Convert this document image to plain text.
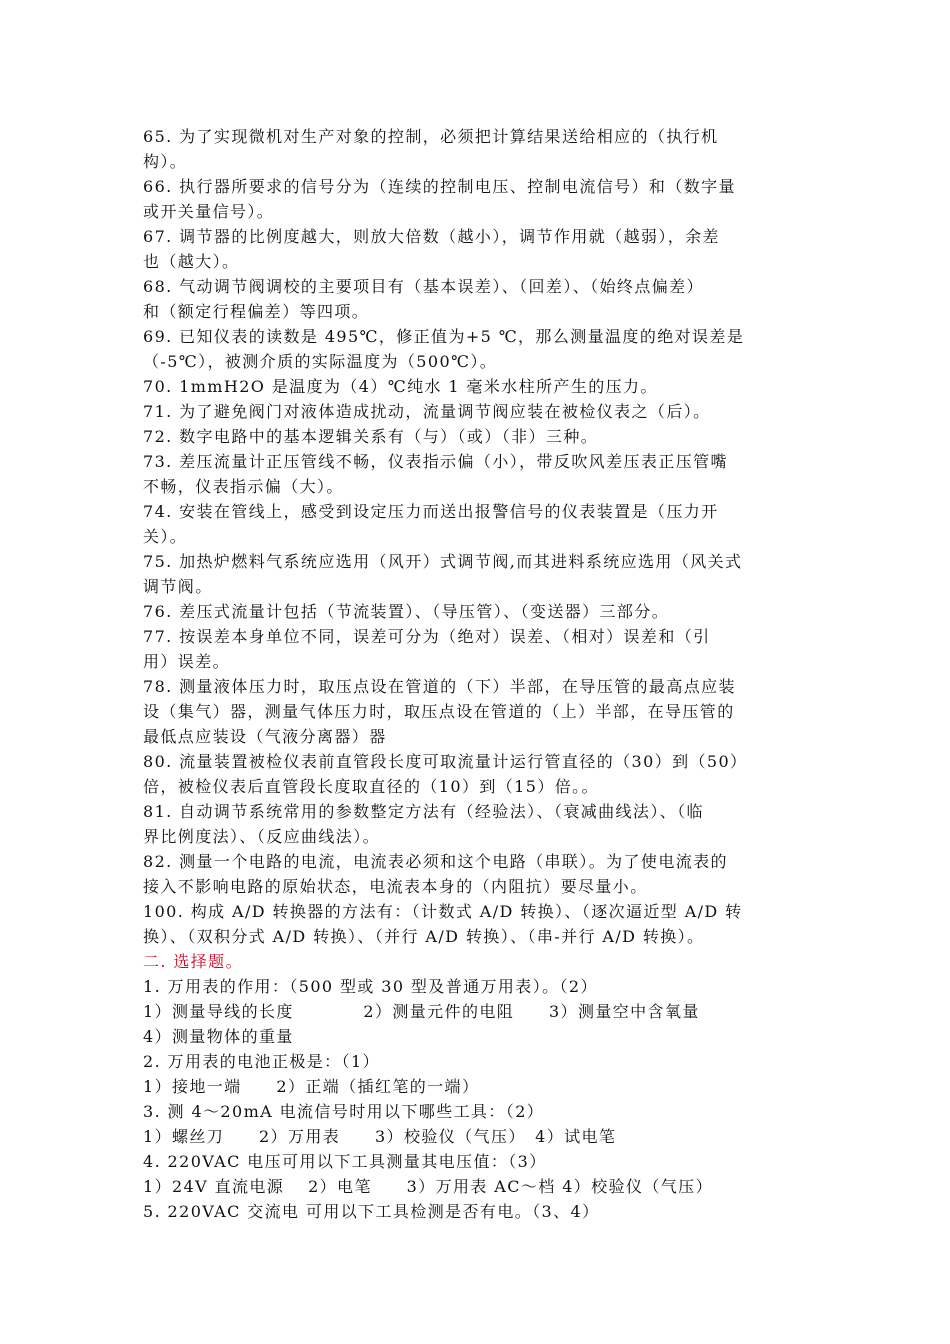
65. 为了实现微机对生产对象的控制，必须把计算结果送给相应的（执行机
构）。
66. 执行器所要求的信号分为（连续的控制电压、控制电流信号）和（数字量
或开关量信号）。
67. 调节器的比例度越大，则放大倍数（越小），调节作用就（越弱），余差
也（越大）。
68. 气动调节阀调校的主要项目有（基本误差）、（回差）、（始终点偏差）
和（额定行程偏差）等四项。
69. 已知仪表的读数是 495℃，修正值为+5 ℃，那么测量温度的绝对误差是
（-5℃），被测介质的实际温度为（500℃）。
70. 1mmH2O 是温度为（4）℃纯水 1 毫米水柱所产生的压力。
71. 为了避免阀门对液体造成扰动，流量调节阀应装在被检仪表之（后）。
72. 数字电路中的基本逻辑关系有（与）（或）（非）三种。
73. 差压流量计正压管线不畅，仪表指示偏（小），带反吹风差压表正压管嘴
不畅，仪表指示偏（大）。
74. 安装在管线上，感受到设定压力而送出报警信号的仪表装置是（压力开
关）。
75. 加热炉燃料气系统应选用（风开）式调节阀,而其进料系统应选用（风关式
调节阀。
76. 差压式流量计包括（节流装置）、（导压管）、（变送器）三部分。
77. 按误差本身单位不同，误差可分为（绝对）误差、（相对）误差和（引
用）误差。
78. 测量液体压力时，取压点设在管道的（下）半部，在导压管的最高点应装
设（集气）器，测量气体压力时，取压点设在管道的（上）半部，在导压管的
最低点应装设（气液分离器）器
80. 流量装置被检仪表前直管段长度可取流量计运行管直径的（30）到（50）
倍，被检仪表后直管段长度取直径的（10）到（15）倍。。
81. 自动调节系统常用的参数整定方法有（经验法）、（衰减曲线法）、（临
界比例度法）、（反应曲线法）。
82. 测量一个电路的电流，电流表必须和这个电路（串联）。为了使电流表的
接入不影响电路的原始状态，电流表本身的（内阻抗）要尽量小。
100. 构成 A/D 转换器的方法有：（计数式 A/D 转换）、（逐次逼近型 A/D 转
换）、（双积分式 A/D 转换）、（并行 A/D 转换）、（串-并行 A/D 转换）。
二. 选择题。
1. 万用表的作用：（500 型或 30 型及普通万用表）。（2）
1）测量导线的长度　　　　2）测量元件的电阻　　3）测量空中含氧量
4）测量物体的重量
2. 万用表的电池正极是：（1）
1）接地一端　　2）正端（插红笔的一端）
3. 测 4～20mA 电流信号时用以下哪些工具：（2）
1）螺丝刀　　2）万用表　　3）校验仪（气压）　4）试电笔
4. 220VAC 电压可用以下工具测量其电压值：（3）
1）24V 直流电源　 2）电笔　　3）万用表 AC～档 4）校验仪（气压）
5. 220VAC 交流电 可用以下工具检测是否有电。（3、4）
